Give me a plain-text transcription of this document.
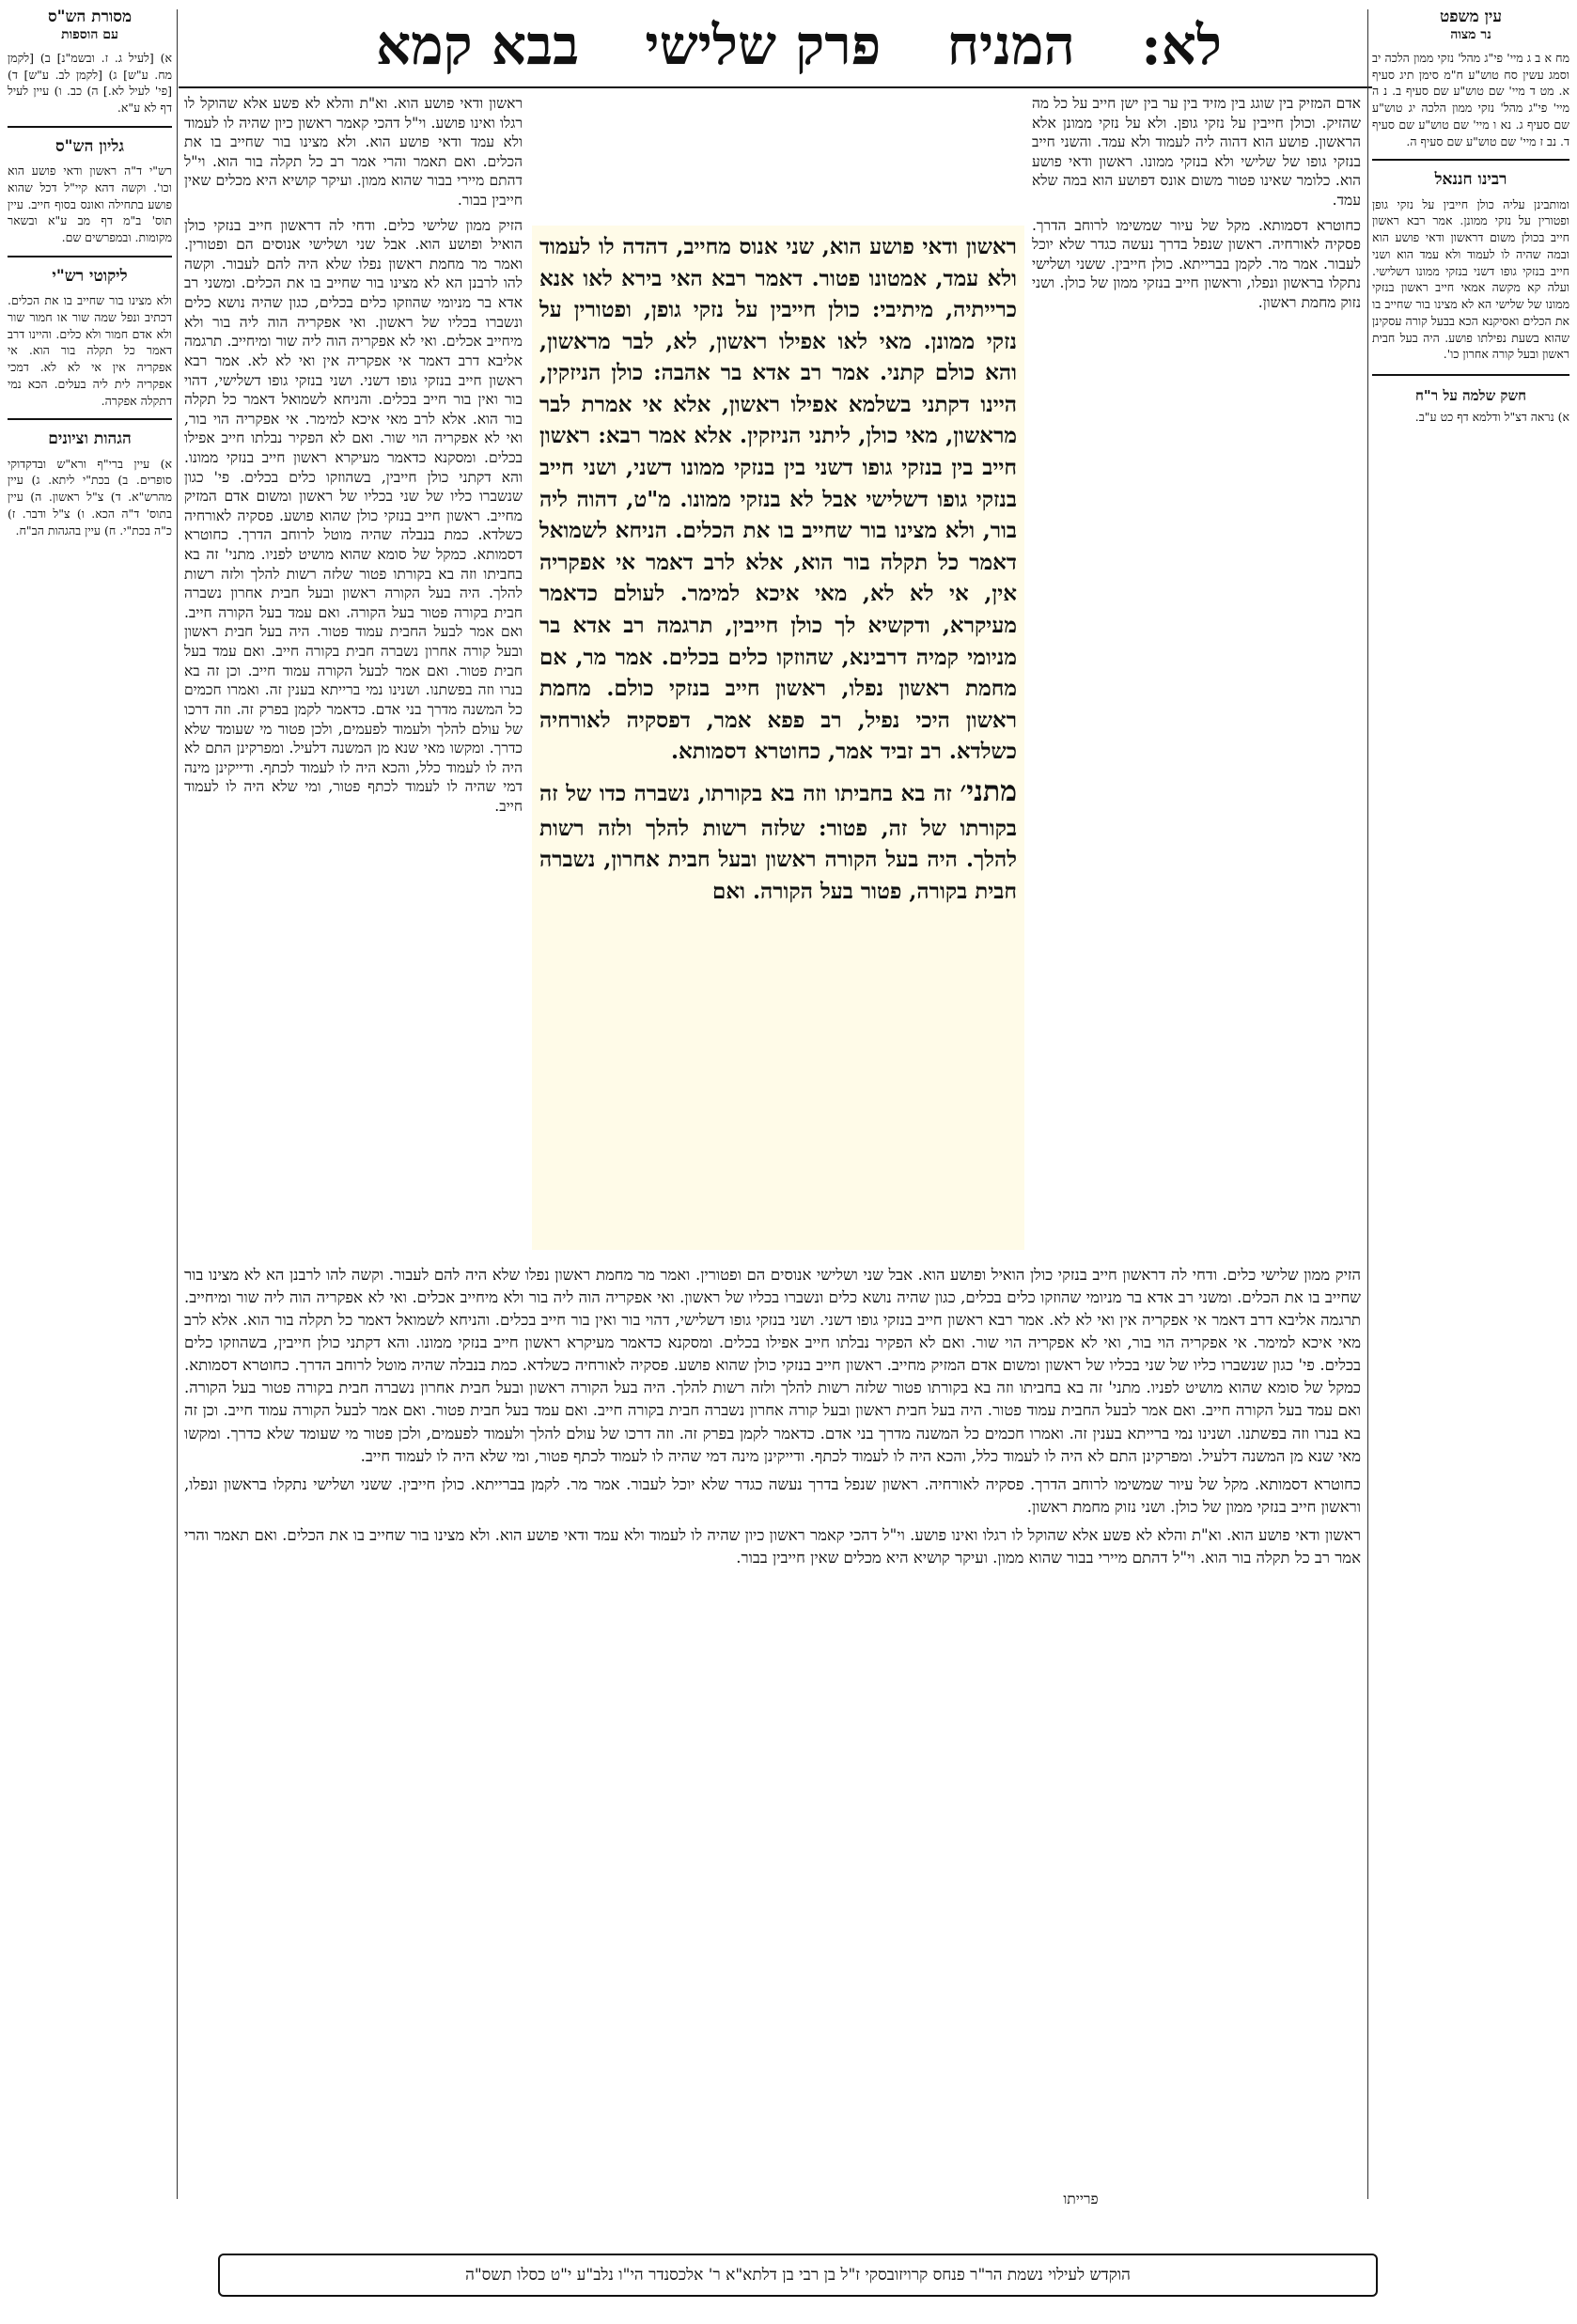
לא:
המניח
פרק שלישי
בבא קמא	עין משפט
נר מצוה
מח א ב ג מיי' פי"ג מהל' נזקי ממון הלכה יב וסמג עשין סח טוש"ע ח"מ סימן תיג סעיף א. מט ד מיי' שם טוש"ע שם סעיף ב. נ ה מיי' פי"ג מהל' נזקי ממון הלכה יג טוש"ע שם סעיף ג. נא ו מיי' שם טוש"ע שם סעיף ד. נב ז מיי' שם טוש"ע שם סעיף ה.
רבינו חננאל
ומותבינן עליה כולן חייבין על נזקי גופן ופטורין על נזקי ממונן. אמר רבא ראשון חייב בכולן משום דראשון ודאי פושע הוא ובמה שהיה לו לעמוד ולא עמד הוא ושני חייב בנזקי גופו דשני בנזקי ממונו דשלישי. ועלה קא מקשה אמאי חייב ראשון בנזקי ממונו של שלישי הא לא מצינו בור שחייב בו את הכלים ואסיקנא הכא בבעל קורה עסקינן שהוא בשעת נפילתו פושע. היה בעל חבית ראשון ובעל קורה אחרון כו'.
חשק שלמה על ר"ח
א) נראה דצ"ל ודלמא דף כט ע"ב.
מסורת הש"ס
עם הוספות
א) [לעיל ג. ז. ובשמ"נ] ב) [לקמן מח. ע"ש] ג) [לקמן לב. ע"ש] ד) [פי' לעיל לא.] ה) כב. ו) עיין לעיל דף לא ע"א.
גליון הש"ס
רש"י ד"ה ראשון ודאי פושע הוא וכו'. וקשה דהא קיי"ל דכל שהוא פושע בתחילה ואונס בסוף חייב. עיין תוס' ב"מ דף מב ע"א ובשאר מקומות. ובמפרשים שם.
ליקוטי רש"י
ולא מצינו בור שחייב בו את הכלים. דכתיב ונפל שמה שור או חמור שור ולא אדם חמור ולא כלים. והיינו דרב דאמר כל תקלה בור הוא. אי אפקריה אין אי לא לא. דמכי אפקריה לית ליה בעלים. הכא נמי דתקלה אפקרה.
הגהות וציונים
א) עיין ברי"ף ורא"ש ובדקדוקי סופרים. ב) בכת"י ליתא. ג) עיין מהרש"א. ד) צ"ל ראשון. ה) עיין בתוס' ד"ה הכא. ו) צ"ל ודבר. ז) כ"ה בכת"י. ח) עיין בהגהות הב"ח.

אדם המזיק בין שוגג בין מזיד בין ער בין ישן חייב על כל מה שהזיק. וכולן חייבין על נזקי גופן. ולא על נזקי ממונן אלא הראשון. פושע הוא דהוה ליה לעמוד ולא עמד. והשני חייב בנזקי גופו של שלישי ולא בנזקי ממונו. ראשון ודאי פושע הוא. כלומר שאינו פטור משום אונס דפושע הוא במה שלא עמד.

כחוטרא דסמותא. מקל של עיור שמשימו לרוחב הדרך. פסקיה לאורחיה. ראשון שנפל בדרך נעשה כגדר שלא יוכל לעבור. אמר מר. לקמן בברייתא. כולן חייבין. ששני ושלישי נתקלו בראשון ונפלו, וראשון חייב בנזקי ממון של כולן. ושני נזוק מחמת ראשון.

ראשון ודאי פושע הוא. וא"ת והלא לא פשע אלא שהוקל לו רגלו ואינו פושע. וי"ל דהכי קאמר ראשון כיון שהיה לו לעמוד ולא עמד ודאי פושע הוא. ולא מצינו בור שחייב בו את הכלים. ואם תאמר והרי אמר רב כל תקלה בור הוא. וי"ל דהתם מיירי בבור שהוא ממון. ועיקר קושיא היא מכלים שאין חייבין בבור.

הזיק ממון שלישי כלים. ודחי לה דראשון חייב בנזקי כולן הואיל ופושע הוא. אבל שני ושלישי אנוסים הם ופטורין. ואמר מר מחמת ראשון נפלו שלא היה להם לעבור. וקשה להו לרבנן הא לא מצינו בור שחייב בו את הכלים. ומשני רב אדא בר מניומי שהוזקו כלים בכלים, כגון שהיה נושא כלים ונשברו בכליו של ראשון. ואי אפקריה הוה ליה בור ולא מיחייב אכלים. ואי לא אפקריה הוה ליה שור ומיחייב. תרגמה אליבא דרב דאמר אי אפקריה אין ואי לא לא. אמר רבא ראשון חייב בנזקי גופו דשני. ושני בנזקי גופו דשלישי, דהוי בור ואין בור חייב בכלים. והניחא לשמואל דאמר כל תקלה בור הוא. אלא לרב מאי איכא למימר. אי אפקריה הוי בור, ואי לא אפקריה הוי שור. ואם לא הפקיר נבלתו חייב אפילו בכלים. ומסקנא כדאמר מעיקרא ראשון חייב בנזקי ממונו. והא דקתני כולן חייבין, בשהוזקו כלים בכלים. פי' כגון שנשברו כליו של שני בכליו של ראשון ומשום אדם המזיק מחייב. ראשון חייב בנזקי כולן שהוא פושע. פסקיה לאורחיה כשלדא. כמת בנבלה שהיה מוטל לרוחב הדרך. כחוטרא דסמותא. כמקל של סומא שהוא מושיט לפניו. מתני' זה בא בחביתו וזה בא בקורתו פטור שלזה רשות להלך ולזה רשות להלך. היה בעל הקורה ראשון ובעל חבית אחרון נשברה חבית בקורה פטור בעל הקורה. ואם עמד בעל הקורה חייב. ואם אמר לבעל החבית עמוד פטור. היה בעל חבית ראשון ובעל קורה אחרון נשברה חבית בקורה חייב. ואם עמד בעל חבית פטור. ואם אמר לבעל הקורה עמוד חייב. וכן זה בא בנרו וזה בפשתנו. ושנינו נמי ברייתא בענין זה. ואמרו חכמים כל המשנה מדרך בני אדם. כדאמר לקמן בפרק זה. וזה דרכו של עולם להלך ולעמוד לפעמים, ולכן פטור מי שעומד שלא כדרך. ומקשו מאי שנא מן המשנה דלעיל. ומפרקינן התם לא היה לו לעמוד כלל, והכא היה לו לעמוד לכתף. ודייקינן מינה דמי שהיה לו לעמוד לכתף פטור, ומי שלא היה לו לעמוד חייב.

ראשון ודאי פושע הוא, שני אנוס מחייב, דהדה לו לעמוד ולא עמד, אמטונו פטור. דאמר רבא האי בירא לאו אנא כרייתיה, מיתיבי: כולן חייבין על נזקי גופן, ופטורין על נזקי ממונן. מאי לאו אפילו ראשון, לא, לבר מראשון, והא כולם קתני. אמר רב אדא בר אהבה: כולן הניזקין, היינו דקתני בשלמא אפילו ראשון, אלא אי אמרת לבר מראשון, מאי כולן, ליתני הניזקין. אלא אמר רבא: ראשון חייב בין בנזקי גופו דשני בין בנזקי ממונו דשני, ושני חייב בנזקי גופו דשלישי אבל לא בנזקי ממונו. מ"ט, דהוה ליה בור, ולא מצינו בור שחייב בו את הכלים. הניחא לשמואל דאמר כל תקלה בור הוא, אלא לרב דאמר אי אפקריה אין, אי לא לא, מאי איכא למימר. לעולם כדאמר מעיקרא, ודקשיא לך כולן חייבין, תרגמה רב אדא בר מניומי קמיה דרבינא, שהוזקו כלים בכלים. אמר מר, אם מחמת ראשון נפלו, ראשון חייב בנזקי כולם. מחמת ראשון היכי נפיל, רב פפא אמר, דפסקיה לאורחיה כשלדא. רב זביד אמר, כחוטרא דסמותא.
מתני׳ זה בא בחביתו וזה בא בקורתו, נשברה כדו של זה בקורתו של זה, פטור: שלזה רשות להלך ולזה רשות להלך. היה בעל הקורה ראשון ובעל חבית אחרון, נשברה חבית בקורה, פטור בעל הקורה. ואם

הזיק ממון שלישי כלים. ודחי לה דראשון חייב בנזקי כולן הואיל ופושע הוא. אבל שני ושלישי אנוסים הם ופטורין. ואמר מר מחמת ראשון נפלו שלא היה להם לעבור. וקשה להו לרבנן הא לא מצינו בור שחייב בו את הכלים. ומשני רב אדא בר מניומי שהוזקו כלים בכלים, כגון שהיה נושא כלים ונשברו בכליו של ראשון. ואי אפקריה הוה ליה בור ולא מיחייב אכלים. ואי לא אפקריה הוה ליה שור ומיחייב. תרגמה אליבא דרב דאמר אי אפקריה אין ואי לא לא. אמר רבא ראשון חייב בנזקי גופו דשני. ושני בנזקי גופו דשלישי, דהוי בור ואין בור חייב בכלים. והניחא לשמואל דאמר כל תקלה בור הוא. אלא לרב מאי איכא למימר. אי אפקריה הוי בור, ואי לא אפקריה הוי שור. ואם לא הפקיר נבלתו חייב אפילו בכלים. ומסקנא כדאמר מעיקרא ראשון חייב בנזקי ממונו. והא דקתני כולן חייבין, בשהוזקו כלים בכלים. פי' כגון שנשברו כליו של שני בכליו של ראשון ומשום אדם המזיק מחייב. ראשון חייב בנזקי כולן שהוא פושע. פסקיה לאורחיה כשלדא. כמת בנבלה שהיה מוטל לרוחב הדרך. כחוטרא דסמותא. כמקל של סומא שהוא מושיט לפניו. מתני' זה בא בחביתו וזה בא בקורתו פטור שלזה רשות להלך ולזה רשות להלך. היה בעל הקורה ראשון ובעל חבית אחרון נשברה חבית בקורה פטור בעל הקורה. ואם עמד בעל הקורה חייב. ואם אמר לבעל החבית עמוד פטור. היה בעל חבית ראשון ובעל קורה אחרון נשברה חבית בקורה חייב. ואם עמד בעל חבית פטור. ואם אמר לבעל הקורה עמוד חייב. וכן זה בא בנרו וזה בפשתנו. ושנינו נמי ברייתא בענין זה. ואמרו חכמים כל המשנה מדרך בני אדם. כדאמר לקמן בפרק זה. וזה דרכו של עולם להלך ולעמוד לפעמים, ולכן פטור מי שעומד שלא כדרך. ומקשו מאי שנא מן המשנה דלעיל. ומפרקינן התם לא היה לו לעמוד כלל, והכא היה לו לעמוד לכתף. ודייקינן מינה דמי שהיה לו לעמוד לכתף פטור, ומי שלא היה לו לעמוד חייב.

כחוטרא דסמותא. מקל של עיור שמשימו לרוחב הדרך. פסקיה לאורחיה. ראשון שנפל בדרך נעשה כגדר שלא יוכל לעבור. אמר מר. לקמן בברייתא. כולן חייבין. ששני ושלישי נתקלו בראשון ונפלו, וראשון חייב בנזקי ממון של כולן. ושני נזוק מחמת ראשון.

ראשון ודאי פושע הוא. וא"ת והלא לא פשע אלא שהוקל לו רגלו ואינו פושע. וי"ל דהכי קאמר ראשון כיון שהיה לו לעמוד ולא עמד ודאי פושע הוא. ולא מצינו בור שחייב בו את הכלים. ואם תאמר והרי אמר רב כל תקלה בור הוא. וי"ל דהתם מיירי בבור שהוא ממון. ועיקר קושיא היא מכלים שאין חייבין בבור.

פרייתו
הוקדש לעילוי נשמת הר"ר פנחס קרויזובסקי ז"ל בן רבי בן דלתא"א ר' אלכסנדר הי"ו נלב"ע י"ט כסלו תשס"ה
